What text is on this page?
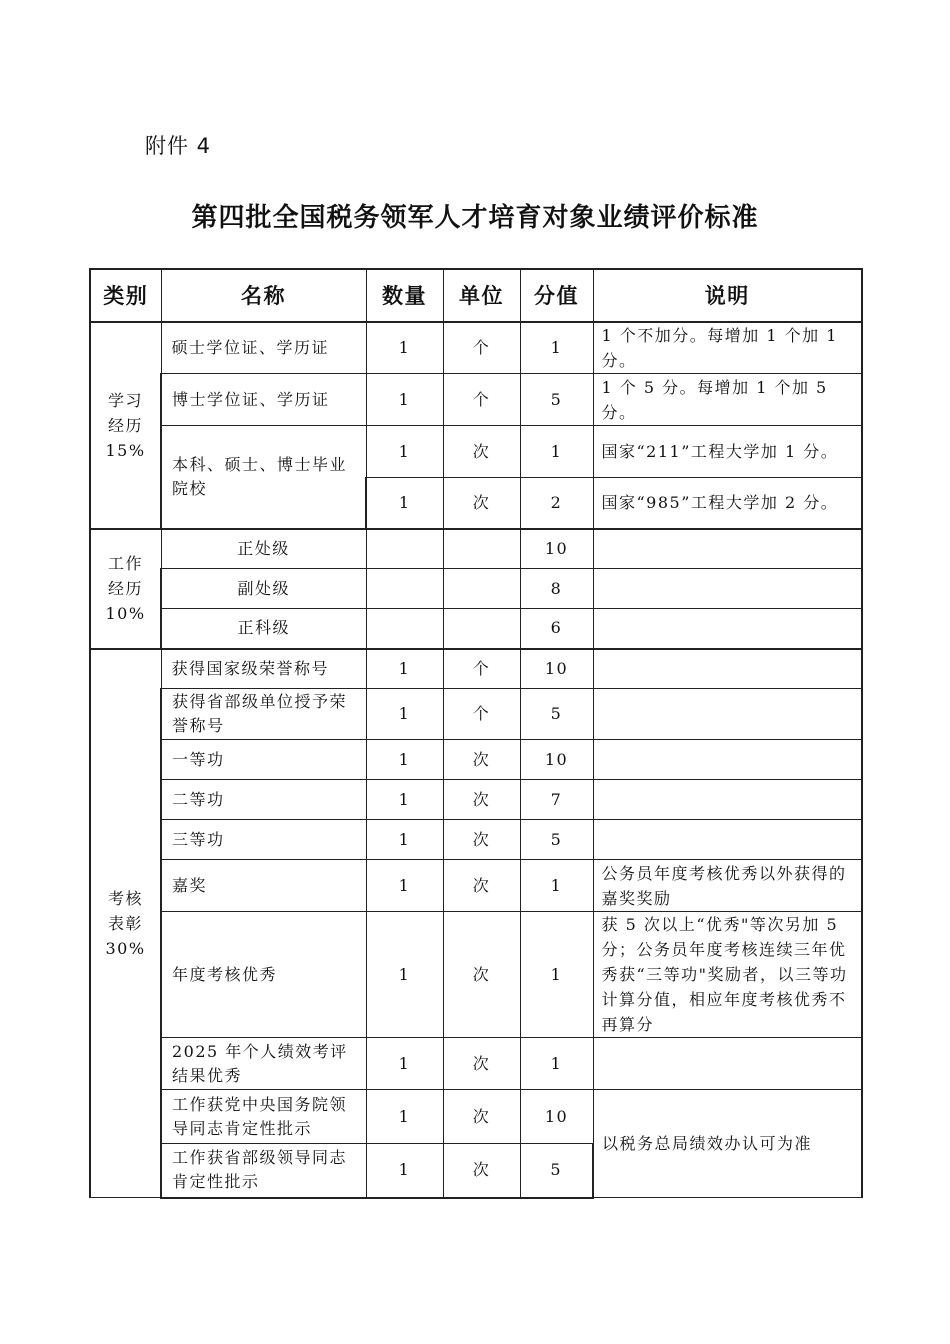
附件 4
第四批全国税务领军人才培育对象业绩评价标准
类别	名称	数量	单位	分值	说明

学习
经历
15%	硕士学位证、学历证	1	个	1	1 个不加分。每增加 1 个加 1 分。
	博士学位证、学历证	1	个	5	1 个 5 分。每增加 1 个加 5 分。
	本科、硕士、博士毕业院校	1	次	1	国家“211”工程大学加 1 分。
		1	次	2	国家“985”工程大学加 2 分。

工作
经历
10%	正处级			10	
	副处级			8	
	正科级			6	

考核
表彰
30%	获得国家级荣誉称号	1	个	10	
	获得省部级单位授予荣誉称号	1	个	5	
	一等功	1	次	10	
	二等功	1	次	7	
	三等功	1	次	5	
	嘉奖	1	次	1	公务员年度考核优秀以外获得的嘉奖奖励
	年度考核优秀	1	次	1	获 5 次以上“优秀"等次另加 5 分；公务员年度考核连续三年优秀获“三等功"奖励者，以三等功计算分值，相应年度考核优秀不再算分
	2025 年个人绩效考评结果优秀	1	次	1	
	工作获党中央国务院领导同志肯定性批示	1	次	10	以税务总局绩效办认可为准
	工作获省部级领导同志肯定性批示	1	次	5	
